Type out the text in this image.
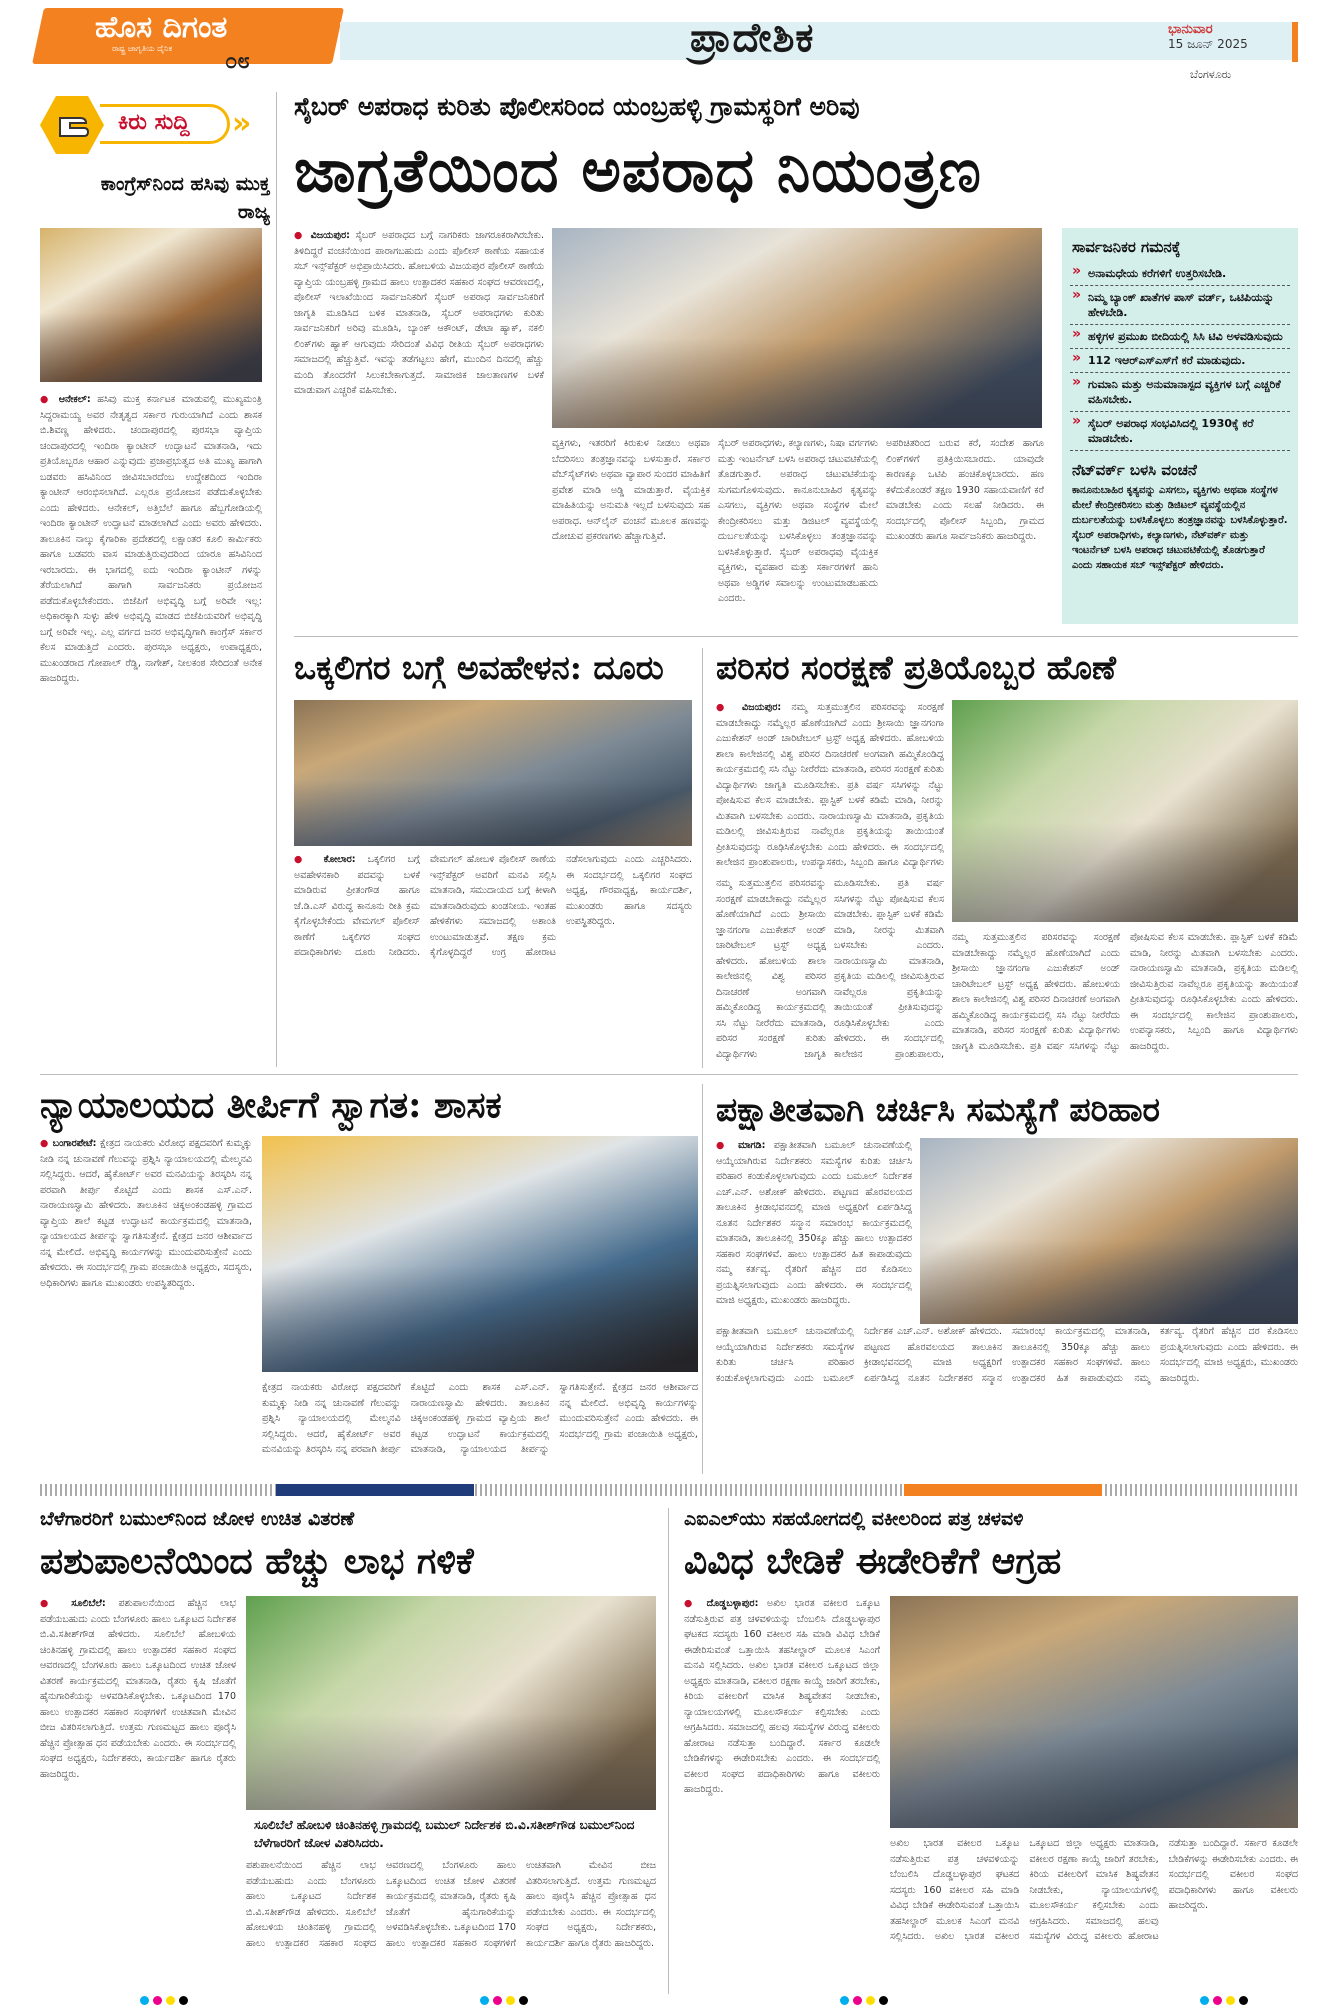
ಹೊಸ ದಿಗಂತ
ರಾಷ್ಟ್ರ ಜಾಗೃತಿಯ ದೈನಿಕ ೦೮	ಪ್ರಾದೇಶಿಕ	ಭಾನುವಾರ
15 ಜೂನ್ 2025
ಬೆಂಗಳೂರು
ಕಿರು ಸುದ್ದಿ »
ಕಾಂಗ್ರೆಸ್‌ನಿಂದ ಹಸಿವು ಮುಕ್ತ ರಾಜ್ಯ
● ಆನೇಕಲ್‌: ಹಸಿವು ಮುಕ್ತ ಕರ್ನಾಟಕ ಮಾಡುವಲ್ಲಿ ಮುಖ್ಯಮಂತ್ರಿ ಸಿದ್ದರಾಮಯ್ಯ ಅವರ ನೇತೃತ್ವದ ಸರ್ಕಾರ ಗುರುಯಾಗಿದೆ ಎಂದು ಶಾಸಕ ಬಿ.ಶಿವಣ್ಣ ಹೇಳಿದರು. ಚಂದಾಪುರದಲ್ಲಿ ಪುರಸಭಾ ವ್ಯಾಪ್ತಿಯ ಚಂದಾಪುರದಲ್ಲಿ ಇಂದಿರಾ ಕ್ಯಾಂಟೀನ್ ಉದ್ಘಾಟನೆ ಮಾತನಾಡಿ, ಇದು ಪ್ರತಿಯೊಬ್ಬರೂ ಆಹಾರ ಎನ್ನುವುದು ಪ್ರಜಾಪ್ರಭುತ್ವದ ಅತಿ ಮುಖ್ಯ ಹಾಗಾಗಿ ಬಡವರು ಹಸಿವಿನಿಂದ ಜೀವಿಸಬಾರದೆಂಬ ಉದ್ದೇಶದಿಂದ ಇಂದಿರಾ ಕ್ಯಾಂಟೀನ್ ಆರಂಭಿಸಲಾಗಿದೆ. ಎಲ್ಲರೂ ಪ್ರಯೋಜನ ಪಡೆದುಕೊಳ್ಳಬೇಕು ಎಂದು ಹೇಳಿದರು. ಆನೇಕಲ್, ಅತ್ತಿಬೆಲೆ ಹಾಗೂ ಹೆಬ್ಬಗೋಡಿಯಲ್ಲಿ ಇಂದಿರಾ ಕ್ಯಾಂಟೀನ್ ಉದ್ಘಾಟನೆ ಮಾಡಲಾಗಿದೆ ಎಂದು ಅವರು ಹೇಳಿದರು. ತಾಲೂಕಿನ ನಾಲ್ಕು ಕೈಗಾರಿಕಾ ಪ್ರದೇಶದಲ್ಲಿ ಲಕ್ಷಾಂತರ ಕೂಲಿ ಕಾರ್ಮಿಕರು ಹಾಗೂ ಬಡವರು ವಾಸ ಮಾಡುತ್ತಿರುವುದರಿಂದ ಯಾರೂ ಹಸಿವಿನಿಂದ ಇರಬಾರದು. ಈ ಭಾಗದಲ್ಲಿ ಐದು ಇಂದಿರಾ ಕ್ಯಾಂಟೀನ್ ಗಳನ್ನು ತೆರೆಯಲಾಗಿದೆ ಹಾಗಾಗಿ ಸಾರ್ವಜನಿಕರು ಪ್ರಯೋಜನ ಪಡೆದುಕೊಳ್ಳಬೇಕೆಂದರು. ಬಿಜೆಪಿಗೆ ಅಭಿವೃದ್ಧಿ ಬಗ್ಗೆ ಅರಿವೇ ಇಲ್ಲ: ಅಧಿಕಾರಕ್ಕಾಗಿ ಸುಳ್ಳು ಹೇಳಿ ಅಭಿವೃದ್ಧಿ ಮಾಡದ ಬಿಜೆಪಿಯವರಿಗೆ ಅಭಿವೃದ್ಧಿ ಬಗ್ಗೆ ಅರಿವೇ ಇಲ್ಲ. ಎಲ್ಲ ವರ್ಗದ ಜನರ ಅಭಿವೃದ್ಧಿಗಾಗಿ ಕಾಂಗ್ರೆಸ್ ಸರ್ಕಾರ ಕೆಲಸ ಮಾಡುತ್ತಿದೆ ಎಂದರು. ಪುರಸಭಾ ಅಧ್ಯಕ್ಷರು, ಉಪಾಧ್ಯಕ್ಷರು, ಮುಖಂಡರಾದ ಗೋಪಾಲ್ ರೆಡ್ಡಿ, ನಾಗೇಶ್, ನೀಲಕಂಠ ಸೇರಿದಂತೆ ಅನೇಕ ಹಾಜರಿದ್ದರು.
ಸೈಬರ್ ಅಪರಾಧ ಕುರಿತು ಪೊಲೀಸರಿಂದ ಯಂಬ್ರಹಳ್ಳಿ ಗ್ರಾಮಸ್ಥರಿಗೆ ಅರಿವು
ಜಾಗ್ರತೆಯಿಂದ ಅಪರಾಧ ನಿಯಂತ್ರಣ
● ವಿಜಯಪುರ: ಸೈಬರ್ ಅಪರಾಧದ ಬಗ್ಗೆ ನಾಗರಿಕರು ಜಾಗರೂಕರಾಗಿರಬೇಕು. ತಿಳಿದಿದ್ದರೆ ವಂಚನೆಯಿಂದ ಪಾರಾಗಬಹುದು ಎಂದು ಪೊಲೀಸ್ ಠಾಣೆಯ ಸಹಾಯಕ ಸಬ್ ಇನ್ಸ್‌ಪೆಕ್ಟರ್ ಅಭಿಪ್ರಾಯಿಸಿದರು. ಹೋಬಳಿಯ ವಿಜಯಪುರ ಪೊಲೀಸ್ ಠಾಣೆಯ ವ್ಯಾಪ್ತಿಯ ಯಂಬ್ರಹಳ್ಳಿ ಗ್ರಾಮದ ಹಾಲು ಉತ್ಪಾದಕರ ಸಹಕಾರ ಸಂಘದ ಆವರಣದಲ್ಲಿ, ಪೊಲೀಸ್ ಇಲಾಖೆಯಿಂದ ಸಾರ್ವಜನಿಕರಿಗೆ ಸೈಬರ್ ಅಪರಾಧ ಸಾರ್ವಜನಿಕರಿಗೆ ಜಾಗೃತಿ ಮೂಡಿಸಿದ ಬಳಿಕ ಮಾತನಾಡಿ, ಸೈಬರ್ ಅಪರಾಧಗಳು ಕುರಿತು ಸಾರ್ವಜನಿಕರಿಗೆ ಅರಿವು ಮೂಡಿಸಿ, ಬ್ಯಾಂಕ್ ಆಕೌಂಟ್, ಡೇಟಾ ಹ್ಯಾಕ್, ನಕಲಿ ಲಿಂಕ್‌ಗಳು ಹ್ಯಾಕ್ ಆಗುವುದು ಸೇರಿದಂತೆ ವಿವಿಧ ರೀತಿಯ ಸೈಬರ್ ಅಪರಾಧಗಳು ಸಮಾಜದಲ್ಲಿ ಹೆಚ್ಚುತ್ತಿವೆ. ಇವನ್ನು ತಡೆಗಟ್ಟಲು ಹೇಗೆ, ಮುಂದಿನ ದಿನದಲ್ಲಿ ಹೆಚ್ಚು ಮಂದಿ ತೊಂದರೆಗೆ ಸಿಲುಕಬೇಕಾಗುತ್ತದೆ. ಸಾಮಾಜಿಕ ಜಾಲತಾಣಗಳ ಬಳಕೆ ಮಾಡುವಾಗ ಎಚ್ಚರಿಕೆ ವಹಿಸಬೇಕು.
ವ್ಯಕ್ತಿಗಳು, ಇತರರಿಗೆ ಕಿರುಕುಳ ನೀಡಲು ಅಥವಾ ಬೆದರಿಸಲು ತಂತ್ರಜ್ಞಾನವನ್ನು ಬಳಸುತ್ತಾರೆ. ಸರ್ಕಾರ ವೆಬ್‌ಸೈಟ್‌ಗಳು ಅಥವಾ ವ್ಯಾಪಾರ ಸುಂದರ ಮಾಹಿತಿಗೆ ಪ್ರವೇಶ ಮಾಡಿ ಅಡ್ಡಿ ಮಾಡುತ್ತಾರೆ. ವೈಯಕ್ತಿಕ ಮಾಹಿತಿಯನ್ನು ಅನುಮತಿ ಇಲ್ಲದೆ ಬಳಸುವುದು ಸಹ ಅಪರಾಧ. ಆನ್‌ಲೈನ್ ವಂಚನೆ ಮೂಲಕ ಹಣವನ್ನು ದೋಚುವ ಪ್ರಕರಣಗಳು ಹೆಚ್ಚಾಗುತ್ತಿವೆ.
ಸೈಬರ್ ಅಪರಾಧಗಳು, ಕಲ್ಯಾಣಗಳು, ನಿಷಾ ವರ್ಗಗಳು ಮತ್ತು ಇಂಟರ್ನೆಟ್ ಬಳಸಿ ಅಪರಾಧ ಚಟುವಟಿಕೆಯಲ್ಲಿ ತೊಡಗುತ್ತಾರೆ. ಅಪರಾಧ ಚಟುವಟಿಕೆಯನ್ನು ಸುಗಮಗೊಳಿಸುವುದು. ಕಾನೂನುಬಾಹಿರ ಕೃತ್ಯವನ್ನು ಎಸಗಲು, ವ್ಯಕ್ತಿಗಳು ಅಥವಾ ಸಂಸ್ಥೆಗಳ ಮೇಲೆ ಕೇಂದ್ರೀಕರಿಸಲು ಮತ್ತು ಡಿಜಿಟಲ್ ವ್ಯವಸ್ಥೆಯಲ್ಲಿ ದುರ್ಬಲತೆಯನ್ನು ಬಳಸಿಕೊಳ್ಳಲು ತಂತ್ರಜ್ಞಾನವನ್ನು ಬಳಸಿಕೊಳ್ಳುತ್ತಾರೆ. ಸೈಬರ್ ಅಪರಾಧವು ವೈಯಕ್ತಿಕ ವ್ಯಕ್ತಿಗಳು, ವ್ಯವಹಾರ ಮತ್ತು ಸರ್ಕಾರಗಳಿಗೆ ಹಾನಿ ಅಥವಾ ಅಡ್ಡಿಗಳ ಸವಾಲನ್ನು ಉಂಟುಮಾಡಬಹುದು ಎಂದರು.
ಅಪರಿಚಿತರಿಂದ ಬರುವ ಕರೆ, ಸಂದೇಶ ಹಾಗೂ ಲಿಂಕ್‌ಗಳಿಗೆ ಪ್ರತಿಕ್ರಿಯಿಸಬಾರದು. ಯಾವುದೇ ಕಾರಣಕ್ಕೂ ಒಟಿಪಿ ಹಂಚಿಕೊಳ್ಳಬಾರದು. ಹಣ ಕಳೆದುಕೊಂಡರೆ ತಕ್ಷಣ 1930 ಸಹಾಯವಾಣಿಗೆ ಕರೆ ಮಾಡಬೇಕು ಎಂದು ಸಲಹೆ ನೀಡಿದರು. ಈ ಸಂದರ್ಭದಲ್ಲಿ ಪೊಲೀಸ್ ಸಿಬ್ಬಂದಿ, ಗ್ರಾಮದ ಮುಖಂಡರು ಹಾಗೂ ಸಾರ್ವಜನಿಕರು ಹಾಜರಿದ್ದರು.
ಸಾರ್ವಜನಿಕರ ಗಮನಕ್ಕೆ
» ಅನಾಮಧೇಯ ಕರೆಗಳಿಗೆ ಉತ್ತರಿಸಬೇಡಿ.
» ನಿಮ್ಮ ಬ್ಯಾಂಕ್ ಖಾತೆಗಳ ಪಾಸ್ ವರ್ಡ್, ಒಟಿಪಿಯನ್ನು ಹೇಳಬೇಡಿ.
» ಹಳ್ಳಿಗಳ ಪ್ರಮುಖ ಬೀದಿಯಲ್ಲಿ ಸಿಸಿ ಟಿವಿ ಅಳವಡಿಸುವುದು
» 112 ಇಆರ್‌ಎಸ್‌ಎಸ್‌ಗೆ ಕರೆ ಮಾಡುವುದು.
» ಗುಮಾನಿ ಮತ್ತು ಅನುಮಾನಾಸ್ಪದ ವ್ಯಕ್ತಿಗಳ ಬಗ್ಗೆ ಎಚ್ಚರಿಕೆ ವಹಿಸಬೇಕು.
» ಸೈಬರ್ ಅಪರಾಧ ಸಂಭವಿಸಿದಲ್ಲಿ 1930ಕ್ಕೆ ಕರೆ ಮಾಡಬೇಕು.
ನೆಟ್‌ವರ್ಕ್ ಬಳಸಿ ವಂಚನೆ
ಕಾನೂನುಬಾಹಿರ ಕೃತ್ಯವನ್ನು ಎಸಗಲು, ವ್ಯಕ್ತಿಗಳು ಅಥವಾ ಸಂಸ್ಥೆಗಳ ಮೇಲೆ ಕೇಂದ್ರೀಕರಿಸಲು ಮತ್ತು ಡಿಜಿಟಲ್ ವ್ಯವಸ್ಥೆಯಲ್ಲಿನ ದುರ್ಬಲತೆಯನ್ನು ಬಳಸಿಕೊಳ್ಳಲು ತಂತ್ರಜ್ಞಾನವನ್ನು ಬಳಸಿಕೊಳ್ಳುತ್ತಾರೆ. ಸೈಬರ್ ಅಪರಾಧಿಗಳು, ಕಲ್ಯಾಣಗಳು, ನೆಟ್‌ವರ್ಕ್ ಮತ್ತು ಇಂಟರ್ನೆಟ್ ಬಳಸಿ ಅಪರಾಧ ಚಟುವಟಿಕೆಯಲ್ಲಿ ತೊಡಗುತ್ತಾರೆ ಎಂದು ಸಹಾಯಕ ಸಬ್ ಇನ್ಸ್‌ಪೆಕ್ಟರ್ ಹೇಳಿದರು.
ಒಕ್ಕಲಿಗರ ಬಗ್ಗೆ ಅವಹೇಳನ: ದೂರು
● ಕೋಲಾರ: ಒಕ್ಕಲಿಗರ ಬಗ್ಗೆ ಅವಹೇಳನಕಾರಿ ಪದವನ್ನು ಬಳಕೆ ಮಾಡಿರುವ ಪ್ರೀತಂಗೌಡ ಹಾಗೂ ಜೆ.ಡಿ.ಎಸ್ ವಿರುದ್ಧ ಕಾನೂನು ರೀತಿ ಕ್ರಮ ಕೈಗೊಳ್ಳಬೇಕೆಂದು ವೇಮಗಲ್ ಪೊಲೀಸ್ ಠಾಣೆಗೆ ಒಕ್ಕಲಿಗರ ಸಂಘದ ಪದಾಧಿಕಾರಿಗಳು ದೂರು ನೀಡಿದರು. ವೇಮಗಲ್ ಹೋಬಳಿ ಪೊಲೀಸ್ ಠಾಣೆಯ ಇನ್ಸ್‌ಪೆಕ್ಟರ್ ಅವರಿಗೆ ಮನವಿ ಸಲ್ಲಿಸಿ ಮಾತನಾಡಿ, ಸಮುದಾಯದ ಬಗ್ಗೆ ಕೀಳಾಗಿ ಮಾತನಾಡಿರುವುದು ಖಂಡನೀಯ. ಇಂತಹ ಹೇಳಿಕೆಗಳು ಸಮಾಜದಲ್ಲಿ ಅಶಾಂತಿ ಉಂಟುಮಾಡುತ್ತವೆ. ತಕ್ಷಣ ಕ್ರಮ ಕೈಗೊಳ್ಳದಿದ್ದರೆ ಉಗ್ರ ಹೋರಾಟ ನಡೆಸಲಾಗುವುದು ಎಂದು ಎಚ್ಚರಿಸಿದರು. ಈ ಸಂದರ್ಭದಲ್ಲಿ ಒಕ್ಕಲಿಗರ ಸಂಘದ ಅಧ್ಯಕ್ಷ, ಗೌರವಾಧ್ಯಕ್ಷ, ಕಾರ್ಯದರ್ಶಿ, ಮುಖಂಡರು ಹಾಗೂ ಸದಸ್ಯರು ಉಪಸ್ಥಿತರಿದ್ದರು.
ಪರಿಸರ ಸಂರಕ್ಷಣೆ ಪ್ರತಿಯೊಬ್ಬರ ಹೊಣೆ
● ವಿಜಯಪುರ: ನಮ್ಮ ಸುತ್ತಮುತ್ತಲಿನ ಪರಿಸರವನ್ನು ಸಂರಕ್ಷಣೆ ಮಾಡಬೇಕಾದ್ದು ನಮ್ಮೆಲ್ಲರ ಹೊಣೆಯಾಗಿದೆ ಎಂದು ಶ್ರೀಸಾಯಿ ಜ್ಞಾನಗಂಗಾ ಎಜುಕೇಶನ್ ಅಂಡ್ ಚಾರಿಟೇಬಲ್ ಟ್ರಸ್ಟ್ ಅಧ್ಯಕ್ಷ ಹೇಳಿದರು. ಹೋಬಳಿಯ ಶಾಲಾ ಕಾಲೇಜಿನಲ್ಲಿ ವಿಶ್ವ ಪರಿಸರ ದಿನಾಚರಣೆ ಅಂಗವಾಗಿ ಹಮ್ಮಿಕೊಂಡಿದ್ದ ಕಾರ್ಯಕ್ರಮದಲ್ಲಿ ಸಸಿ ನೆಟ್ಟು ನೀರೆರೆದು ಮಾತನಾಡಿ, ಪರಿಸರ ಸಂರಕ್ಷಣೆ ಕುರಿತು ವಿದ್ಯಾರ್ಥಿಗಳು ಜಾಗೃತಿ ಮೂಡಿಸಬೇಕು. ಪ್ರತಿ ವರ್ಷ ಸಸಿಗಳನ್ನು ನೆಟ್ಟು ಪೋಷಿಸುವ ಕೆಲಸ ಮಾಡಬೇಕು. ಪ್ಲಾಸ್ಟಿಕ್ ಬಳಕೆ ಕಡಿಮೆ ಮಾಡಿ, ನೀರನ್ನು ಮಿತವಾಗಿ ಬಳಸಬೇಕು ಎಂದರು. ನಾರಾಯಣಸ್ವಾಮಿ ಮಾತನಾಡಿ, ಪ್ರಕೃತಿಯ ಮಡಿಲಲ್ಲಿ ಜೀವಿಸುತ್ತಿರುವ ನಾವೆಲ್ಲರೂ ಪ್ರಕೃತಿಯನ್ನು ತಾಯಿಯಂತೆ ಪ್ರೀತಿಸುವುದನ್ನು ರೂಢಿಸಿಕೊಳ್ಳಬೇಕು ಎಂದು ಹೇಳಿದರು. ಈ ಸಂದರ್ಭದಲ್ಲಿ ಕಾಲೇಜಿನ ಪ್ರಾಂಶುಪಾಲರು, ಉಪನ್ಯಾಸಕರು, ಸಿಬ್ಬಂದಿ ಹಾಗೂ ವಿದ್ಯಾರ್ಥಿಗಳು
ನಮ್ಮ ಸುತ್ತಮುತ್ತಲಿನ ಪರಿಸರವನ್ನು ಸಂರಕ್ಷಣೆ ಮಾಡಬೇಕಾದ್ದು ನಮ್ಮೆಲ್ಲರ ಹೊಣೆಯಾಗಿದೆ ಎಂದು ಶ್ರೀಸಾಯಿ ಜ್ಞಾನಗಂಗಾ ಎಜುಕೇಶನ್ ಅಂಡ್ ಚಾರಿಟೇಬಲ್ ಟ್ರಸ್ಟ್ ಅಧ್ಯಕ್ಷ ಹೇಳಿದರು. ಹೋಬಳಿಯ ಶಾಲಾ ಕಾಲೇಜಿನಲ್ಲಿ ವಿಶ್ವ ಪರಿಸರ ದಿನಾಚರಣೆ ಅಂಗವಾಗಿ ಹಮ್ಮಿಕೊಂಡಿದ್ದ ಕಾರ್ಯಕ್ರಮದಲ್ಲಿ ಸಸಿ ನೆಟ್ಟು ನೀರೆರೆದು ಮಾತನಾಡಿ, ಪರಿಸರ ಸಂರಕ್ಷಣೆ ಕುರಿತು ವಿದ್ಯಾರ್ಥಿಗಳು ಜಾಗೃತಿ ಮೂಡಿಸಬೇಕು. ಪ್ರತಿ ವರ್ಷ ಸಸಿಗಳನ್ನು ನೆಟ್ಟು ಪೋಷಿಸುವ ಕೆಲಸ ಮಾಡಬೇಕು. ಪ್ಲಾಸ್ಟಿಕ್ ಬಳಕೆ ಕಡಿಮೆ ಮಾಡಿ, ನೀರನ್ನು ಮಿತವಾಗಿ ಬಳಸಬೇಕು ಎಂದರು. ನಾರಾಯಣಸ್ವಾಮಿ ಮಾತನಾಡಿ, ಪ್ರಕೃತಿಯ ಮಡಿಲಲ್ಲಿ ಜೀವಿಸುತ್ತಿರುವ ನಾವೆಲ್ಲರೂ ಪ್ರಕೃತಿಯನ್ನು ತಾಯಿಯಂತೆ ಪ್ರೀತಿಸುವುದನ್ನು ರೂಢಿಸಿಕೊಳ್ಳಬೇಕು ಎಂದು ಹೇಳಿದರು. ಈ ಸಂದರ್ಭದಲ್ಲಿ ಕಾಲೇಜಿನ ಪ್ರಾಂಶುಪಾಲರು,
ನಮ್ಮ ಸುತ್ತಮುತ್ತಲಿನ ಪರಿಸರವನ್ನು ಸಂರಕ್ಷಣೆ ಮಾಡಬೇಕಾದ್ದು ನಮ್ಮೆಲ್ಲರ ಹೊಣೆಯಾಗಿದೆ ಎಂದು ಶ್ರೀಸಾಯಿ ಜ್ಞಾನಗಂಗಾ ಎಜುಕೇಶನ್ ಅಂಡ್ ಚಾರಿಟೇಬಲ್ ಟ್ರಸ್ಟ್ ಅಧ್ಯಕ್ಷ ಹೇಳಿದರು. ಹೋಬಳಿಯ ಶಾಲಾ ಕಾಲೇಜಿನಲ್ಲಿ ವಿಶ್ವ ಪರಿಸರ ದಿನಾಚರಣೆ ಅಂಗವಾಗಿ ಹಮ್ಮಿಕೊಂಡಿದ್ದ ಕಾರ್ಯಕ್ರಮದಲ್ಲಿ ಸಸಿ ನೆಟ್ಟು ನೀರೆರೆದು ಮಾತನಾಡಿ, ಪರಿಸರ ಸಂರಕ್ಷಣೆ ಕುರಿತು ವಿದ್ಯಾರ್ಥಿಗಳು ಜಾಗೃತಿ ಮೂಡಿಸಬೇಕು. ಪ್ರತಿ ವರ್ಷ ಸಸಿಗಳನ್ನು ನೆಟ್ಟು ಪೋಷಿಸುವ ಕೆಲಸ ಮಾಡಬೇಕು. ಪ್ಲಾಸ್ಟಿಕ್ ಬಳಕೆ ಕಡಿಮೆ ಮಾಡಿ, ನೀರನ್ನು ಮಿತವಾಗಿ ಬಳಸಬೇಕು ಎಂದರು. ನಾರಾಯಣಸ್ವಾಮಿ ಮಾತನಾಡಿ, ಪ್ರಕೃತಿಯ ಮಡಿಲಲ್ಲಿ ಜೀವಿಸುತ್ತಿರುವ ನಾವೆಲ್ಲರೂ ಪ್ರಕೃತಿಯನ್ನು ತಾಯಿಯಂತೆ ಪ್ರೀತಿಸುವುದನ್ನು ರೂಢಿಸಿಕೊಳ್ಳಬೇಕು ಎಂದು ಹೇಳಿದರು. ಈ ಸಂದರ್ಭದಲ್ಲಿ ಕಾಲೇಜಿನ ಪ್ರಾಂಶುಪಾಲರು, ಉಪನ್ಯಾಸಕರು, ಸಿಬ್ಬಂದಿ ಹಾಗೂ ವಿದ್ಯಾರ್ಥಿಗಳು ಹಾಜರಿದ್ದರು.
ನ್ಯಾಯಾಲಯದ ತೀರ್ಪಿಗೆ ಸ್ವಾಗತ: ಶಾಸಕ
● ಬಂಗಾರಪೇಟೆ: ಕ್ಷೇತ್ರದ ನಾಯಕರು ವಿರೋಧ ಪಕ್ಷದವರಿಗೆ ಕುಮ್ಮಕ್ಕು ನೀಡಿ ನನ್ನ ಚುನಾವಣೆ ಗೆಲುವನ್ನು ಪ್ರಶ್ನಿಸಿ ನ್ಯಾಯಾಲಯದಲ್ಲಿ ಮೇಲ್ಮನವಿ ಸಲ್ಲಿಸಿದ್ದರು. ಆದರೆ, ಹೈಕೋರ್ಟ್ ಅವರ ಮನವಿಯನ್ನು ತಿರಸ್ಕರಿಸಿ ನನ್ನ ಪರವಾಗಿ ತೀರ್ಪು ಕೊಟ್ಟಿದೆ ಎಂದು ಶಾಸಕ ಎಸ್.ಎನ್. ನಾರಾಯಣಸ್ವಾಮಿ ಹೇಳಿದರು. ತಾಲೂಕಿನ ಚಿಕ್ಕಅಂಕಂಡಹಳ್ಳಿ ಗ್ರಾಮದ ವ್ಯಾಪ್ತಿಯ ಶಾಲೆ ಕಟ್ಟಡ ಉದ್ಘಾಟನೆ ಕಾರ್ಯಕ್ರಮದಲ್ಲಿ ಮಾತನಾಡಿ, ನ್ಯಾಯಾಲಯದ ತೀರ್ಪನ್ನು ಸ್ವಾಗತಿಸುತ್ತೇನೆ. ಕ್ಷೇತ್ರದ ಜನರ ಆಶೀರ್ವಾದ ನನ್ನ ಮೇಲಿದೆ. ಅಭಿವೃದ್ಧಿ ಕಾರ್ಯಗಳನ್ನು ಮುಂದುವರಿಸುತ್ತೇನೆ ಎಂದು ಹೇಳಿದರು. ಈ ಸಂದರ್ಭದಲ್ಲಿ ಗ್ರಾಮ ಪಂಚಾಯಿತಿ ಅಧ್ಯಕ್ಷರು, ಸದಸ್ಯರು, ಅಧಿಕಾರಿಗಳು ಹಾಗೂ ಮುಖಂಡರು ಉಪಸ್ಥಿತರಿದ್ದರು.
ಕ್ಷೇತ್ರದ ನಾಯಕರು ವಿರೋಧ ಪಕ್ಷದವರಿಗೆ ಕುಮ್ಮಕ್ಕು ನೀಡಿ ನನ್ನ ಚುನಾವಣೆ ಗೆಲುವನ್ನು ಪ್ರಶ್ನಿಸಿ ನ್ಯಾಯಾಲಯದಲ್ಲಿ ಮೇಲ್ಮನವಿ ಸಲ್ಲಿಸಿದ್ದರು. ಆದರೆ, ಹೈಕೋರ್ಟ್ ಅವರ ಮನವಿಯನ್ನು ತಿರಸ್ಕರಿಸಿ ನನ್ನ ಪರವಾಗಿ ತೀರ್ಪು ಕೊಟ್ಟಿದೆ ಎಂದು ಶಾಸಕ ಎಸ್.ಎನ್. ನಾರಾಯಣಸ್ವಾಮಿ ಹೇಳಿದರು. ತಾಲೂಕಿನ ಚಿಕ್ಕಅಂಕಂಡಹಳ್ಳಿ ಗ್ರಾಮದ ವ್ಯಾಪ್ತಿಯ ಶಾಲೆ ಕಟ್ಟಡ ಉದ್ಘಾಟನೆ ಕಾರ್ಯಕ್ರಮದಲ್ಲಿ ಮಾತನಾಡಿ, ನ್ಯಾಯಾಲಯದ ತೀರ್ಪನ್ನು ಸ್ವಾಗತಿಸುತ್ತೇನೆ. ಕ್ಷೇತ್ರದ ಜನರ ಆಶೀರ್ವಾದ ನನ್ನ ಮೇಲಿದೆ. ಅಭಿವೃದ್ಧಿ ಕಾರ್ಯಗಳನ್ನು ಮುಂದುವರಿಸುತ್ತೇನೆ ಎಂದು ಹೇಳಿದರು. ಈ ಸಂದರ್ಭದಲ್ಲಿ ಗ್ರಾಮ ಪಂಚಾಯಿತಿ ಅಧ್ಯಕ್ಷರು,
ಪಕ್ಷಾತೀತವಾಗಿ ಚರ್ಚಿಸಿ ಸಮಸ್ಯೆಗೆ ಪರಿಹಾರ
● ಮಾಗಡಿ: ಪಕ್ಷಾತೀತವಾಗಿ ಬಮೂಲ್ ಚುನಾವಣೆಯಲ್ಲಿ ಆಯ್ಕೆಯಾಗಿರುವ ನಿರ್ದೇಶಕರು ಸಮಸ್ಯೆಗಳ ಕುರಿತು ಚರ್ಚಿಸಿ ಪರಿಹಾರ ಕಂಡುಕೊಳ್ಳಲಾಗುವುದು ಎಂದು ಬಮೂಲ್ ನಿರ್ದೇಶಕ ಎಚ್.ಎನ್. ಅಶೋಕ್ ಹೇಳಿದರು. ಪಟ್ಟಣದ ಹೊರವಲಯದ ತಾಲೂಕಿನ ಕ್ರೀಡಾಭವನದಲ್ಲಿ ಮಾಜಿ ಅಧ್ಯಕ್ಷರಿಗೆ ಏರ್ಪಡಿಸಿದ್ದ ನೂತನ ನಿರ್ದೇಶಕರ ಸನ್ಮಾನ ಸಮಾರಂಭ ಕಾರ್ಯಕ್ರಮದಲ್ಲಿ ಮಾತನಾಡಿ, ತಾಲೂಕಿನಲ್ಲಿ 350ಕ್ಕೂ ಹೆಚ್ಚು ಹಾಲು ಉತ್ಪಾದಕರ ಸಹಕಾರ ಸಂಘಗಳಿವೆ. ಹಾಲು ಉತ್ಪಾದಕರ ಹಿತ ಕಾಪಾಡುವುದು ನಮ್ಮ ಕರ್ತವ್ಯ. ರೈತರಿಗೆ ಹೆಚ್ಚಿನ ದರ ಕೊಡಿಸಲು ಪ್ರಯತ್ನಿಸಲಾಗುವುದು ಎಂದು ಹೇಳಿದರು. ಈ ಸಂದರ್ಭದಲ್ಲಿ ಮಾಜಿ ಅಧ್ಯಕ್ಷರು, ಮುಖಂಡರು ಹಾಜರಿದ್ದರು.
ಪಕ್ಷಾತೀತವಾಗಿ ಬಮೂಲ್ ಚುನಾವಣೆಯಲ್ಲಿ ಆಯ್ಕೆಯಾಗಿರುವ ನಿರ್ದೇಶಕರು ಸಮಸ್ಯೆಗಳ ಕುರಿತು ಚರ್ಚಿಸಿ ಪರಿಹಾರ ಕಂಡುಕೊಳ್ಳಲಾಗುವುದು ಎಂದು ಬಮೂಲ್ ನಿರ್ದೇಶಕ ಎಚ್.ಎನ್. ಅಶೋಕ್ ಹೇಳಿದರು. ಪಟ್ಟಣದ ಹೊರವಲಯದ ತಾಲೂಕಿನ ಕ್ರೀಡಾಭವನದಲ್ಲಿ ಮಾಜಿ ಅಧ್ಯಕ್ಷರಿಗೆ ಏರ್ಪಡಿಸಿದ್ದ ನೂತನ ನಿರ್ದೇಶಕರ ಸನ್ಮಾನ ಸಮಾರಂಭ ಕಾರ್ಯಕ್ರಮದಲ್ಲಿ ಮಾತನಾಡಿ, ತಾಲೂಕಿನಲ್ಲಿ 350ಕ್ಕೂ ಹೆಚ್ಚು ಹಾಲು ಉತ್ಪಾದಕರ ಸಹಕಾರ ಸಂಘಗಳಿವೆ. ಹಾಲು ಉತ್ಪಾದಕರ ಹಿತ ಕಾಪಾಡುವುದು ನಮ್ಮ ಕರ್ತವ್ಯ. ರೈತರಿಗೆ ಹೆಚ್ಚಿನ ದರ ಕೊಡಿಸಲು ಪ್ರಯತ್ನಿಸಲಾಗುವುದು ಎಂದು ಹೇಳಿದರು. ಈ ಸಂದರ್ಭದಲ್ಲಿ ಮಾಜಿ ಅಧ್ಯಕ್ಷರು, ಮುಖಂಡರು ಹಾಜರಿದ್ದರು.
ಬೆಳೆಗಾರರಿಗೆ ಬಮುಲ್‌ನಿಂದ ಜೋಳ ಉಚಿತ ವಿತರಣೆ
ಪಶುಪಾಲನೆಯಿಂದ ಹೆಚ್ಚು ಲಾಭ ಗಳಿಕೆ
● ಸೂಲಿಬೆಲೆ: ಪಶುಪಾಲನೆಯಿಂದ ಹೆಚ್ಚಿನ ಲಾಭ ಪಡೆಯಬಹುದು ಎಂದು ಬೆಂಗಳೂರು ಹಾಲು ಒಕ್ಕೂಟದ ನಿರ್ದೇಶಕ ಬಿ.ವಿ.ಸತೀಶ್‌ಗೌಡ ಹೇಳಿದರು. ಸೂಲಿಬೆಲೆ ಹೋಬಳಿಯ ಚಿಂತಿನಹಳ್ಳಿ ಗ್ರಾಮದಲ್ಲಿ ಹಾಲು ಉತ್ಪಾದಕರ ಸಹಕಾರ ಸಂಘದ ಆವರಣದಲ್ಲಿ ಬೆಂಗಳೂರು ಹಾಲು ಒಕ್ಕೂಟದಿಂದ ಉಚಿತ ಜೋಳ ವಿತರಣೆ ಕಾರ್ಯಕ್ರಮದಲ್ಲಿ ಮಾತನಾಡಿ, ರೈತರು ಕೃಷಿ ಜೊತೆಗೆ ಹೈನುಗಾರಿಕೆಯನ್ನು ಅಳವಡಿಸಿಕೊಳ್ಳಬೇಕು. ಒಕ್ಕೂಟದಿಂದ 170 ಹಾಲು ಉತ್ಪಾದಕರ ಸಹಕಾರ ಸಂಘಗಳಿಗೆ ಉಚಿತವಾಗಿ ಮೇವಿನ ಬೀಜ ವಿತರಿಸಲಾಗುತ್ತಿದೆ. ಉತ್ತಮ ಗುಣಮಟ್ಟದ ಹಾಲು ಪೂರೈಸಿ ಹೆಚ್ಚಿನ ಪ್ರೋತ್ಸಾಹ ಧನ ಪಡೆಯಬೇಕು ಎಂದರು. ಈ ಸಂದರ್ಭದಲ್ಲಿ ಸಂಘದ ಅಧ್ಯಕ್ಷರು, ನಿರ್ದೇಶಕರು, ಕಾರ್ಯದರ್ಶಿ ಹಾಗೂ ರೈತರು ಹಾಜರಿದ್ದರು.
ಸೂಲಿಬೆಲೆ ಹೋಬಳಿ ಚಿಂತಿನಹಳ್ಳಿ ಗ್ರಾಮದಲ್ಲಿ ಬಮುಲ್ ನಿರ್ದೇಶಕ ಬಿ.ವಿ.ಸತೀಶ್‌ಗೌಡ ಬಮುಲ್‌ನಿಂದ ಬೆಳೆಗಾರರಿಗೆ ಜೋಳ ವಿತರಿಸಿದರು.
ಪಶುಪಾಲನೆಯಿಂದ ಹೆಚ್ಚಿನ ಲಾಭ ಪಡೆಯಬಹುದು ಎಂದು ಬೆಂಗಳೂರು ಹಾಲು ಒಕ್ಕೂಟದ ನಿರ್ದೇಶಕ ಬಿ.ವಿ.ಸತೀಶ್‌ಗೌಡ ಹೇಳಿದರು. ಸೂಲಿಬೆಲೆ ಹೋಬಳಿಯ ಚಿಂತಿನಹಳ್ಳಿ ಗ್ರಾಮದಲ್ಲಿ ಹಾಲು ಉತ್ಪಾದಕರ ಸಹಕಾರ ಸಂಘದ ಆವರಣದಲ್ಲಿ ಬೆಂಗಳೂರು ಹಾಲು ಒಕ್ಕೂಟದಿಂದ ಉಚಿತ ಜೋಳ ವಿತರಣೆ ಕಾರ್ಯಕ್ರಮದಲ್ಲಿ ಮಾತನಾಡಿ, ರೈತರು ಕೃಷಿ ಜೊತೆಗೆ ಹೈನುಗಾರಿಕೆಯನ್ನು ಅಳವಡಿಸಿಕೊಳ್ಳಬೇಕು. ಒಕ್ಕೂಟದಿಂದ 170 ಹಾಲು ಉತ್ಪಾದಕರ ಸಹಕಾರ ಸಂಘಗಳಿಗೆ ಉಚಿತವಾಗಿ ಮೇವಿನ ಬೀಜ ವಿತರಿಸಲಾಗುತ್ತಿದೆ. ಉತ್ತಮ ಗುಣಮಟ್ಟದ ಹಾಲು ಪೂರೈಸಿ ಹೆಚ್ಚಿನ ಪ್ರೋತ್ಸಾಹ ಧನ ಪಡೆಯಬೇಕು ಎಂದರು. ಈ ಸಂದರ್ಭದಲ್ಲಿ ಸಂಘದ ಅಧ್ಯಕ್ಷರು, ನಿರ್ದೇಶಕರು, ಕಾರ್ಯದರ್ಶಿ ಹಾಗೂ ರೈತರು ಹಾಜರಿದ್ದರು.
ಎಐಎಲ್‌ಯು ಸಹಯೋಗದಲ್ಲಿ ವಕೀಲರಿಂದ ಪತ್ರ ಚಳವಳಿ
ವಿವಿಧ ಬೇಡಿಕೆ ಈಡೇರಿಕೆಗೆ ಆಗ್ರಹ
● ದೊಡ್ಡಬಳ್ಳಾಪುರ: ಅಖಿಲ ಭಾರತ ವಕೀಲರ ಒಕ್ಕೂಟ ನಡೆಸುತ್ತಿರುವ ಪತ್ರ ಚಳವಳಿಯನ್ನು ಬೆಂಬಲಿಸಿ ದೊಡ್ಡಬಳ್ಳಾಪುರ ಘಟಕದ ಸದಸ್ಯರು 160 ವಕೀಲರ ಸಹಿ ಮಾಡಿ ವಿವಿಧ ಬೇಡಿಕೆ ಈಡೇರಿಸುವಂತೆ ಒತ್ತಾಯಿಸಿ ತಹಸೀಲ್ದಾರ್ ಮೂಲಕ ಸಿಎಂಗೆ ಮನವಿ ಸಲ್ಲಿಸಿದರು. ಅಖಿಲ ಭಾರತ ವಕೀಲರ ಒಕ್ಕೂಟದ ಜಿಲ್ಲಾ ಅಧ್ಯಕ್ಷರು ಮಾತನಾಡಿ, ವಕೀಲರ ರಕ್ಷಣಾ ಕಾಯ್ದೆ ಜಾರಿಗೆ ತರಬೇಕು, ಕಿರಿಯ ವಕೀಲರಿಗೆ ಮಾಸಿಕ ಶಿಷ್ಯವೇತನ ನೀಡಬೇಕು, ನ್ಯಾಯಾಲಯಗಳಲ್ಲಿ ಮೂಲಸೌಕರ್ಯ ಕಲ್ಪಿಸಬೇಕು ಎಂದು ಆಗ್ರಹಿಸಿದರು. ಸಮಾಜದಲ್ಲಿ ಹಲವು ಸಮಸ್ಯೆಗಳ ವಿರುದ್ಧ ವಕೀಲರು ಹೋರಾಟ ನಡೆಸುತ್ತಾ ಬಂದಿದ್ದಾರೆ. ಸರ್ಕಾರ ಕೂಡಲೇ ಬೇಡಿಕೆಗಳನ್ನು ಈಡೇರಿಸಬೇಕು ಎಂದರು. ಈ ಸಂದರ್ಭದಲ್ಲಿ ವಕೀಲರ ಸಂಘದ ಪದಾಧಿಕಾರಿಗಳು ಹಾಗೂ ವಕೀಲರು ಹಾಜರಿದ್ದರು.
ಅಖಿಲ ಭಾರತ ವಕೀಲರ ಒಕ್ಕೂಟ ನಡೆಸುತ್ತಿರುವ ಪತ್ರ ಚಳವಳಿಯನ್ನು ಬೆಂಬಲಿಸಿ ದೊಡ್ಡಬಳ್ಳಾಪುರ ಘಟಕದ ಸದಸ್ಯರು 160 ವಕೀಲರ ಸಹಿ ಮಾಡಿ ವಿವಿಧ ಬೇಡಿಕೆ ಈಡೇರಿಸುವಂತೆ ಒತ್ತಾಯಿಸಿ ತಹಸೀಲ್ದಾರ್ ಮೂಲಕ ಸಿಎಂಗೆ ಮನವಿ ಸಲ್ಲಿಸಿದರು. ಅಖಿಲ ಭಾರತ ವಕೀಲರ ಒಕ್ಕೂಟದ ಜಿಲ್ಲಾ ಅಧ್ಯಕ್ಷರು ಮಾತನಾಡಿ, ವಕೀಲರ ರಕ್ಷಣಾ ಕಾಯ್ದೆ ಜಾರಿಗೆ ತರಬೇಕು, ಕಿರಿಯ ವಕೀಲರಿಗೆ ಮಾಸಿಕ ಶಿಷ್ಯವೇತನ ನೀಡಬೇಕು, ನ್ಯಾಯಾಲಯಗಳಲ್ಲಿ ಮೂಲಸೌಕರ್ಯ ಕಲ್ಪಿಸಬೇಕು ಎಂದು ಆಗ್ರಹಿಸಿದರು. ಸಮಾಜದಲ್ಲಿ ಹಲವು ಸಮಸ್ಯೆಗಳ ವಿರುದ್ಧ ವಕೀಲರು ಹೋರಾಟ ನಡೆಸುತ್ತಾ ಬಂದಿದ್ದಾರೆ. ಸರ್ಕಾರ ಕೂಡಲೇ ಬೇಡಿಕೆಗಳನ್ನು ಈಡೇರಿಸಬೇಕು ಎಂದರು. ಈ ಸಂದರ್ಭದಲ್ಲಿ ವಕೀಲರ ಸಂಘದ ಪದಾಧಿಕಾರಿಗಳು ಹಾಗೂ ವಕೀಲರು ಹಾಜರಿದ್ದರು.
